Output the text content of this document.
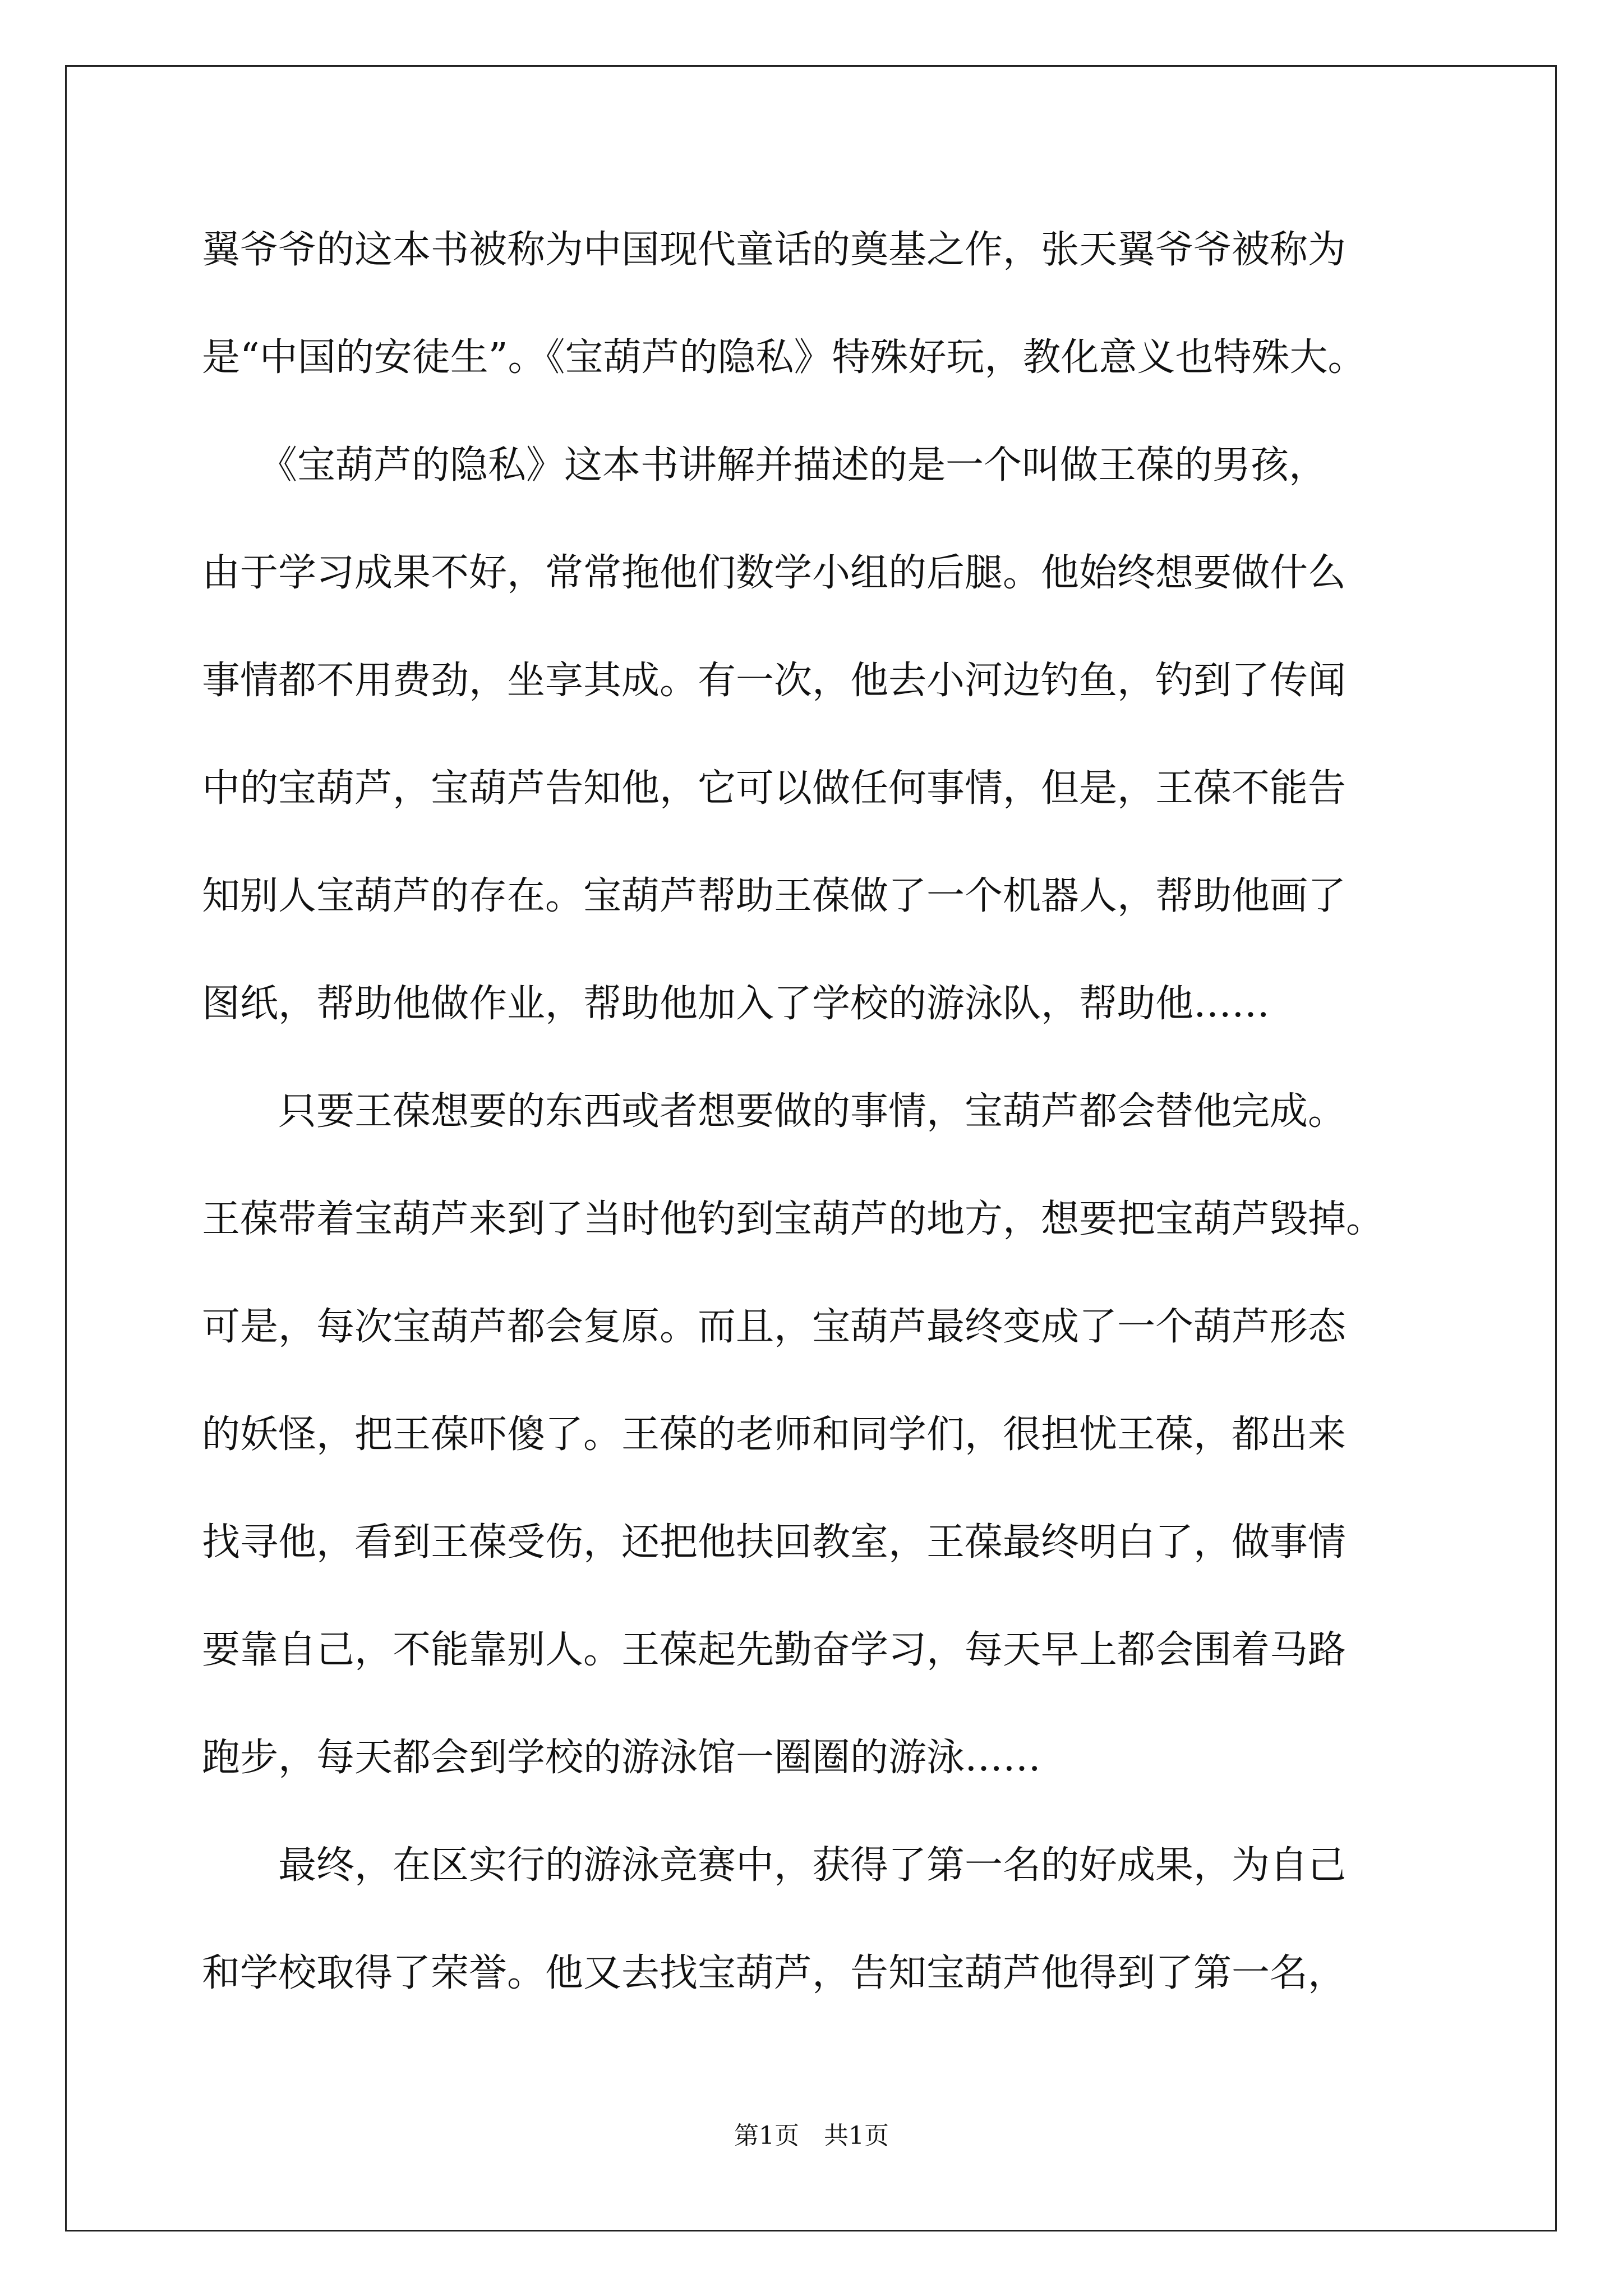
翼爷爷的这本书被称为中国现代童话的奠基之作，张天翼爷爷被称为
是“中国的安徒生”。《宝葫芦的隐私》特殊好玩，教化意义也特殊大。
　　《宝葫芦的隐私》这本书讲解并描述的是一个叫做王葆的男孩，
由于学习成果不好，常常拖他们数学小组的后腿。他始终想要做什么
事情都不用费劲，坐享其成。有一次，他去小河边钓鱼，钓到了传闻
中的宝葫芦，宝葫芦告知他，它可以做任何事情，但是，王葆不能告
知别人宝葫芦的存在。宝葫芦帮助王葆做了一个机器人，帮助他画了
图纸，帮助他做作业，帮助他加入了学校的游泳队，帮助他……
　　只要王葆想要的东西或者想要做的事情，宝葫芦都会替他完成。
王葆带着宝葫芦来到了当时他钓到宝葫芦的地方，想要把宝葫芦毁掉。
可是，每次宝葫芦都会复原。而且，宝葫芦最终变成了一个葫芦形态
的妖怪，把王葆吓傻了。王葆的老师和同学们，很担忧王葆，都出来
找寻他，看到王葆受伤，还把他扶回教室，王葆最终明白了，做事情
要靠自己，不能靠别人。王葆起先勤奋学习，每天早上都会围着马路
跑步，每天都会到学校的游泳馆一圈圈的游泳……
　　最终，在区实行的游泳竞赛中，获得了第一名的好成果，为自己
和学校取得了荣誉。他又去找宝葫芦，告知宝葫芦他得到了第一名，
第1页　共1页
